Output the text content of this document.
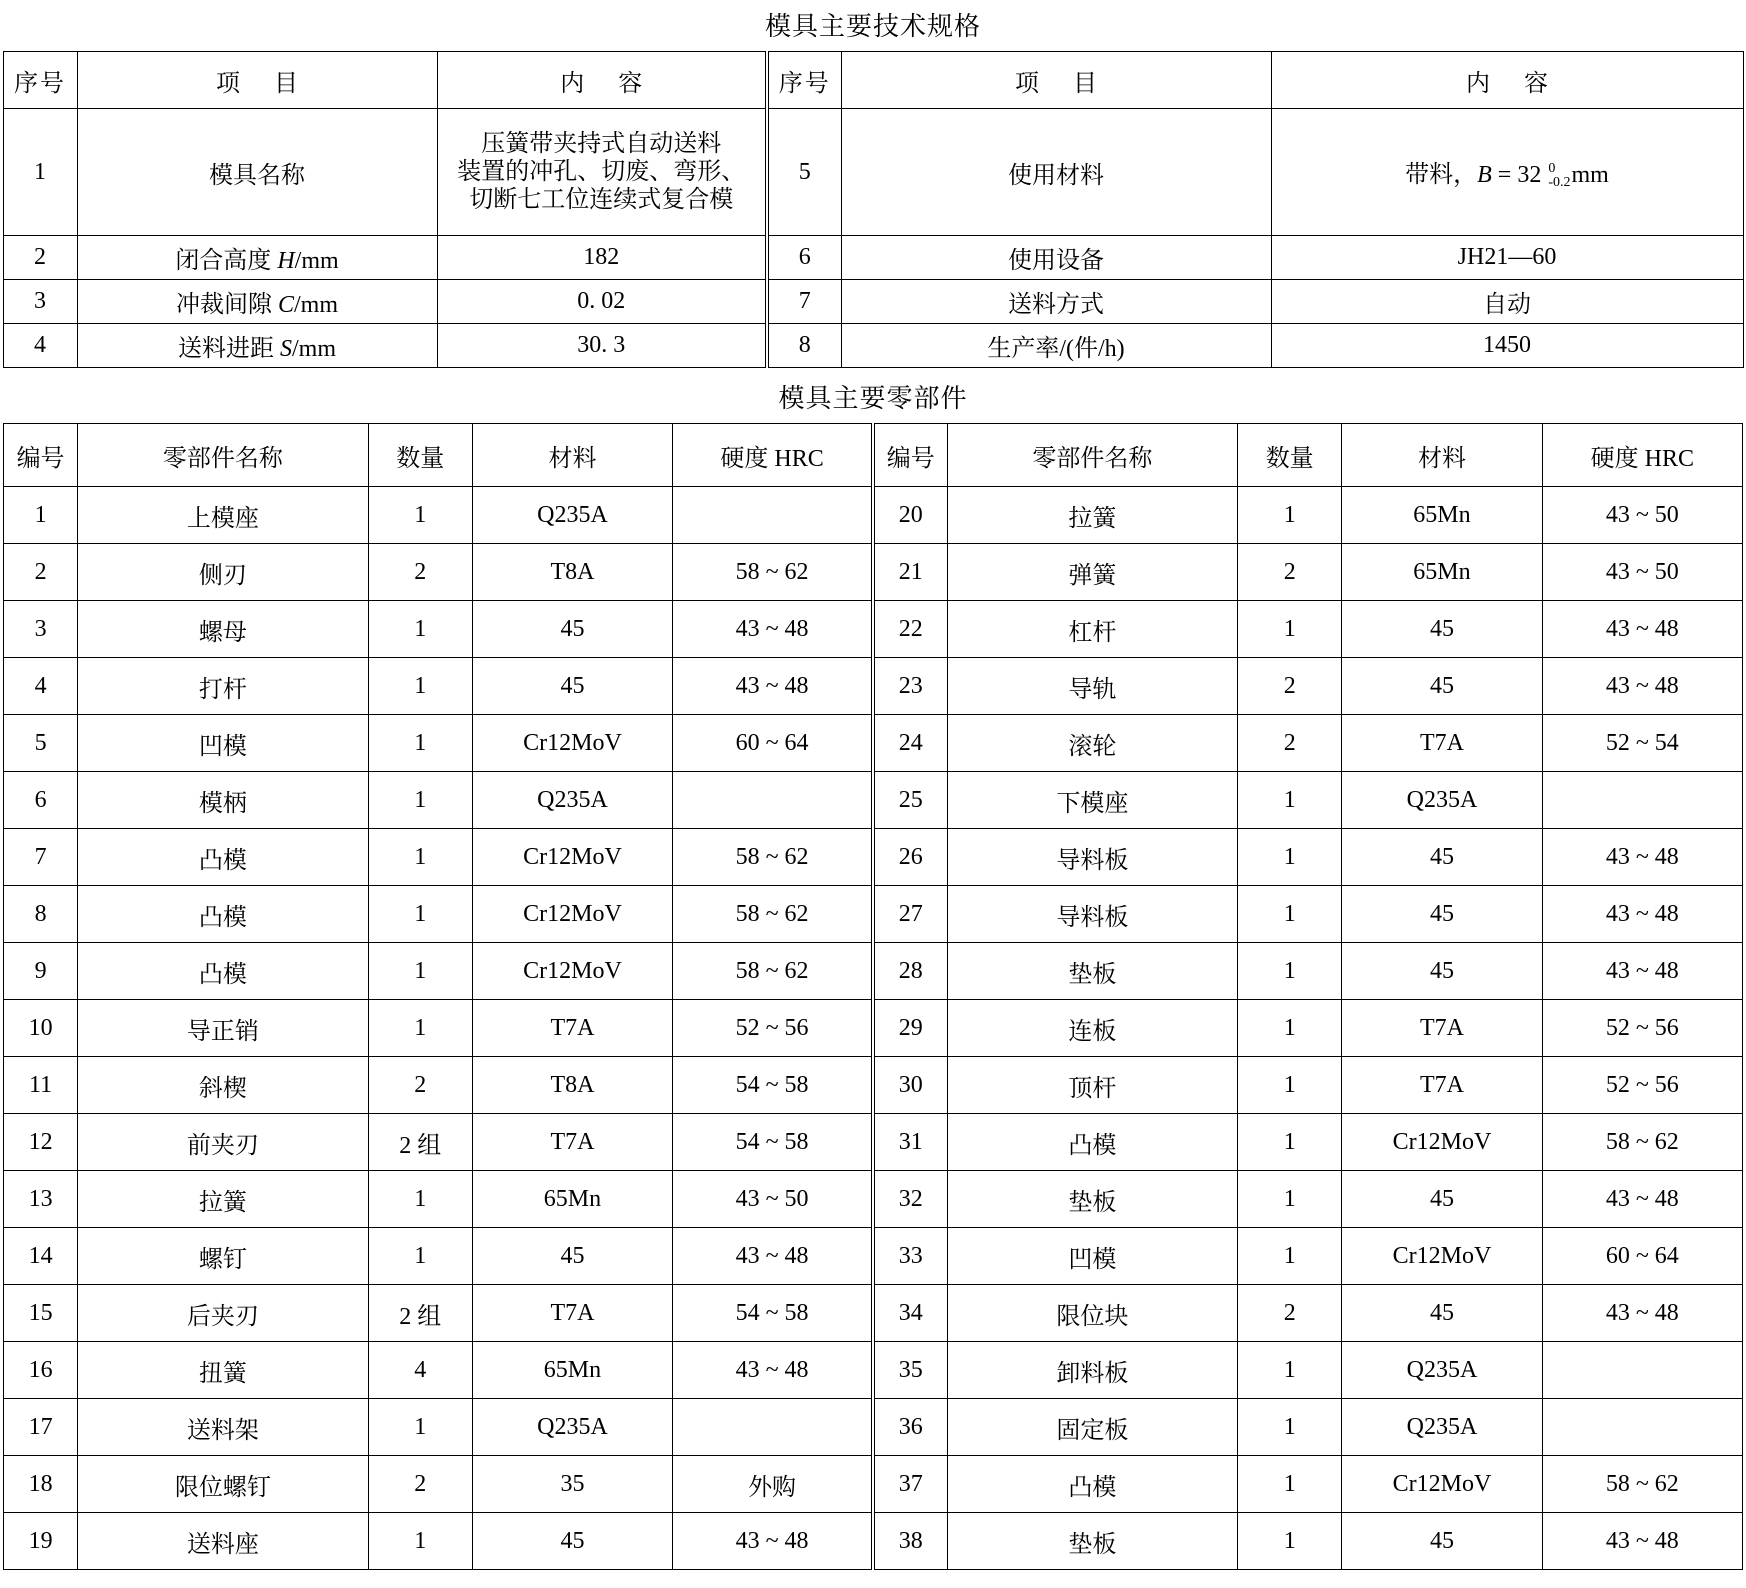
模具主要技术规格
序号	项 目	内 容	序号	项 目	内 容
1	模具名称	压簧带夹持式自动送料
装置的冲孔、切废、弯形、
切断七工位连续式复合模	5	使用材料	带料，B = 32 0
-0.2 mm
2	闭合高度 H/mm	182	6	使用设备	JH21—60
3	冲裁间隙 C/mm	0. 02	7	送料方式	自动
4	送料进距 S/mm	30. 3	8	生产率/(件/h)	1450
模具主要零部件
编号	零部件名称	数量	材料	硬度 HRC	编号	零部件名称	数量	材料	硬度 HRC
1	上模座	1	Q235A		20	拉簧	1	65Mn	43 ~ 50
2	侧刃	2	T8A	58 ~ 62	21	弹簧	2	65Mn	43 ~ 50
3	螺母	1	45	43 ~ 48	22	杠杆	1	45	43 ~ 48
4	打杆	1	45	43 ~ 48	23	导轨	2	45	43 ~ 48
5	凹模	1	Cr12MoV	60 ~ 64	24	滚轮	2	T7A	52 ~ 54
6	模柄	1	Q235A		25	下模座	1	Q235A	
7	凸模	1	Cr12MoV	58 ~ 62	26	导料板	1	45	43 ~ 48
8	凸模	1	Cr12MoV	58 ~ 62	27	导料板	1	45	43 ~ 48
9	凸模	1	Cr12MoV	58 ~ 62	28	垫板	1	45	43 ~ 48
10	导正销	1	T7A	52 ~ 56	29	连板	1	T7A	52 ~ 56
11	斜楔	2	T8A	54 ~ 58	30	顶杆	1	T7A	52 ~ 56
12	前夹刃	2 组	T7A	54 ~ 58	31	凸模	1	Cr12MoV	58 ~ 62
13	拉簧	1	65Mn	43 ~ 50	32	垫板	1	45	43 ~ 48
14	螺钉	1	45	43 ~ 48	33	凹模	1	Cr12MoV	60 ~ 64
15	后夹刃	2 组	T7A	54 ~ 58	34	限位块	2	45	43 ~ 48
16	扭簧	4	65Mn	43 ~ 48	35	卸料板	1	Q235A	
17	送料架	1	Q235A		36	固定板	1	Q235A	
18	限位螺钉	2	35	外购	37	凸模	1	Cr12MoV	58 ~ 62
19	送料座	1	45	43 ~ 48	38	垫板	1	45	43 ~ 48
